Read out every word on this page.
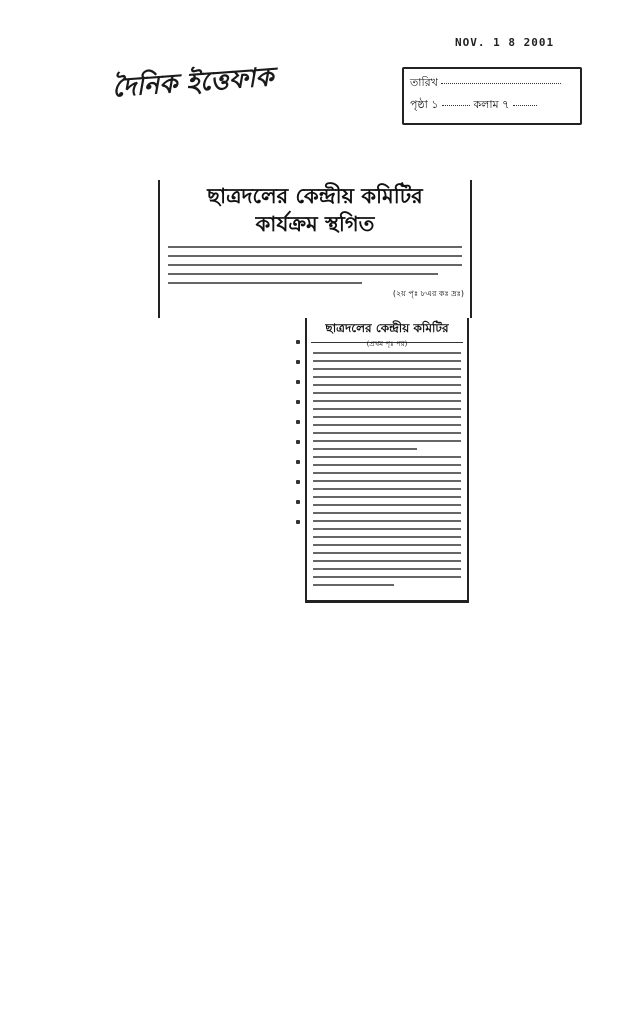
NOV. 1 8 2001
দৈনিক ইত্তেফাক	তারিখ
পৃষ্ঠা ১	কলাম ৭
ছাত্রদলের কেন্দ্রীয় কমিটির
কার্যক্রম স্থগিত
(২য় পৃঃ ৮এর কঃ দ্রঃ)
ছাত্রদলের কেন্দ্রীয় কমিটির
(প্রথম পৃঃ পর)
